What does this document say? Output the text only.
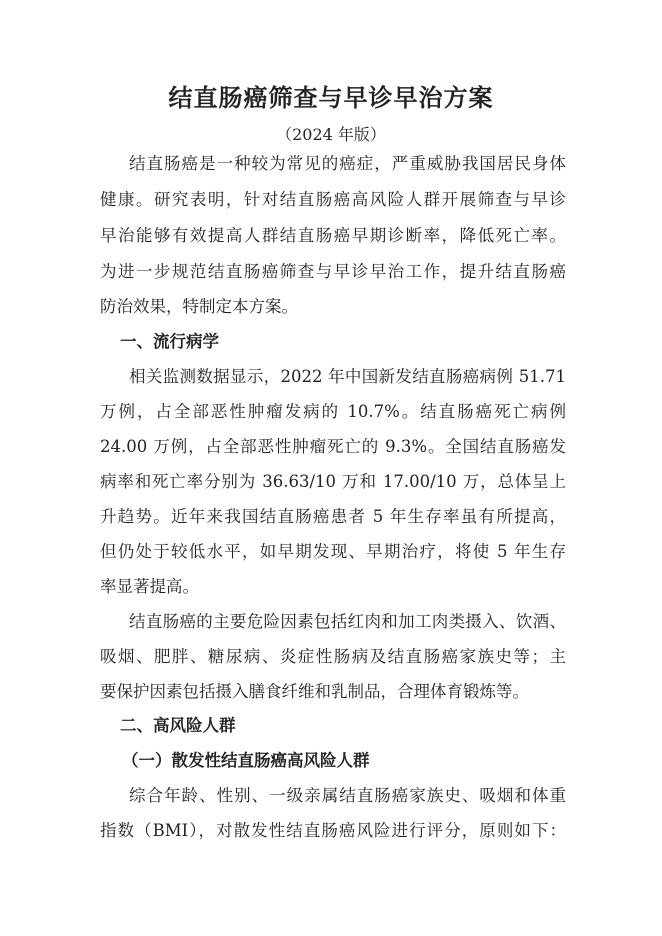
结直肠癌筛查与早诊早治方案
（2024 年版）
结直肠癌是一种较为常见的癌症，严重威胁我国居民身体
健康。研究表明，针对结直肠癌高风险人群开展筛查与早诊
早治能够有效提高人群结直肠癌早期诊断率，降低死亡率。
为进一步规范结直肠癌筛查与早诊早治工作，提升结直肠癌
防治效果，特制定本方案。
一、流行病学
相关监测数据显示，2022 年中国新发结直肠癌病例 51.71
万例，占全部恶性肿瘤发病的 10.7%。结直肠癌死亡病例
24.00 万例，占全部恶性肿瘤死亡的 9.3%。全国结直肠癌发
病率和死亡率分别为 36.63/10 万和 17.00/10 万，总体呈上
升趋势。近年来我国结直肠癌患者 5 年生存率虽有所提高，
但仍处于较低水平，如早期发现、早期治疗，将使 5 年生存
率显著提高。
结直肠癌的主要危险因素包括红肉和加工肉类摄入、饮酒、
吸烟、肥胖、糖尿病、炎症性肠病及结直肠癌家族史等；主
要保护因素包括摄入膳食纤维和乳制品，合理体育锻炼等。
二、高风险人群
（一）散发性结直肠癌高风险人群
综合年龄、性别、一级亲属结直肠癌家族史、吸烟和体重
指数（BMI），对散发性结直肠癌风险进行评分，原则如下：
